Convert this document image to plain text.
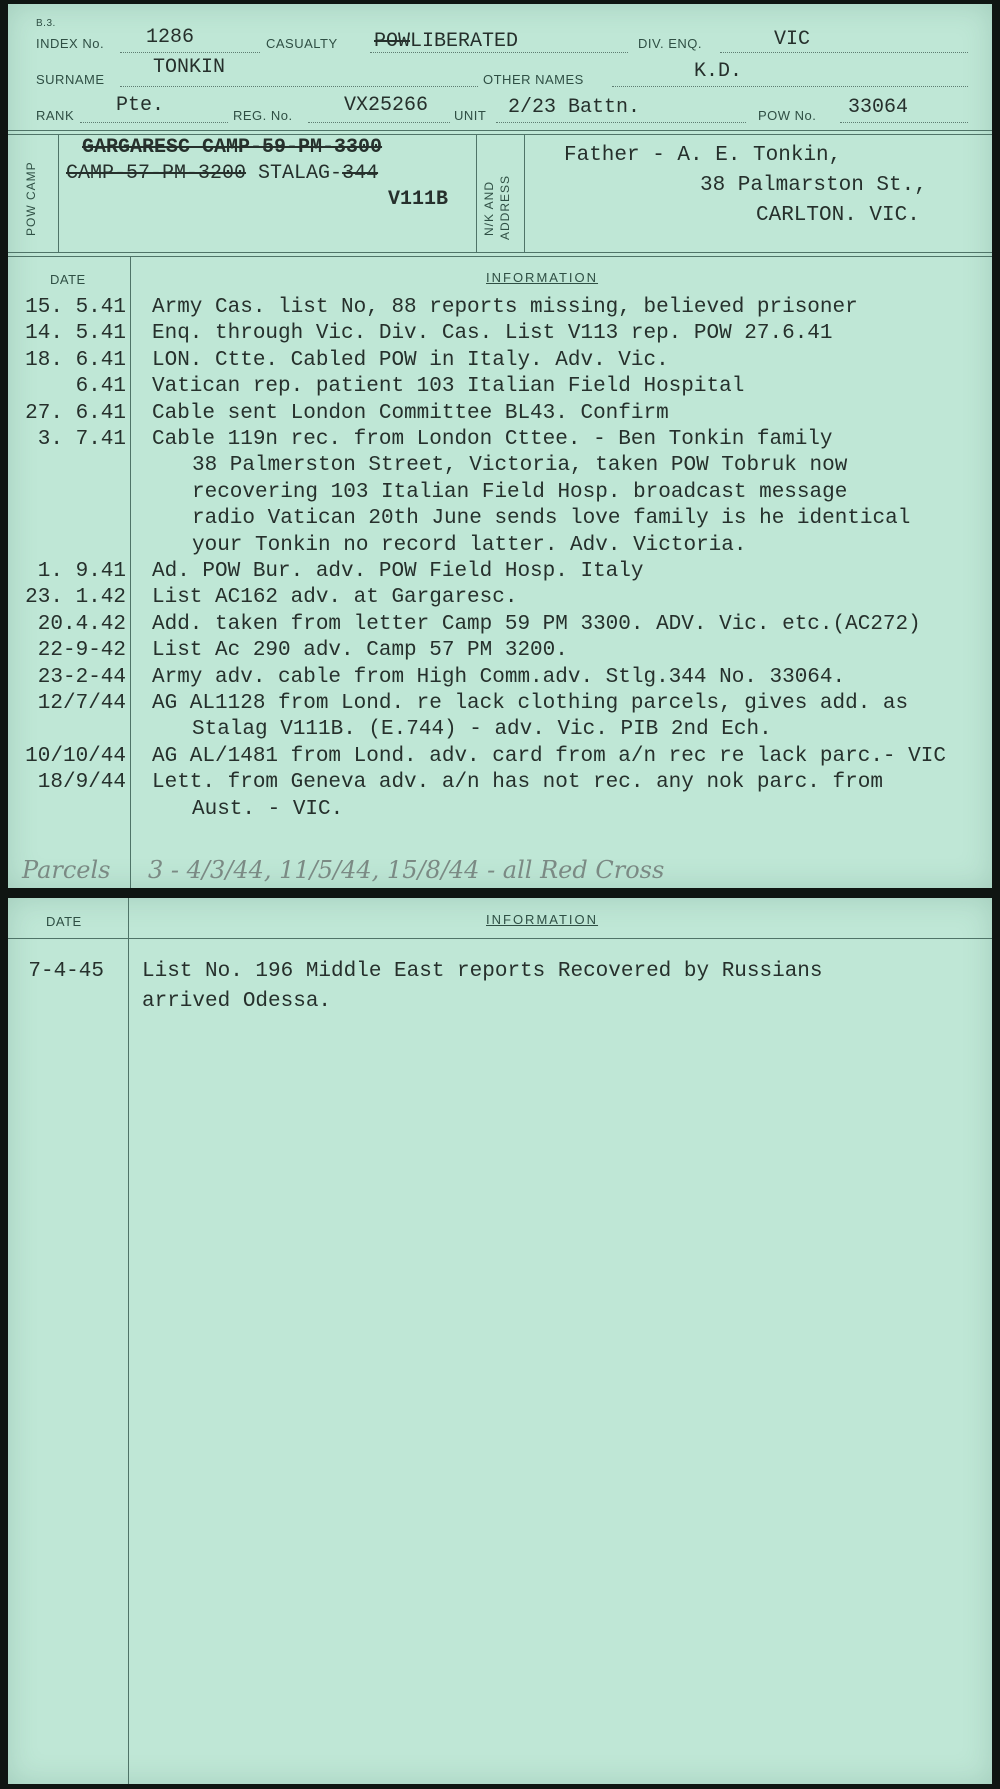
B.3.
INDEX No. 1286	CASUALTY POWLIBERATED	DIV. ENQ.	VIC
SURNAME
TONKIN
OTHER NAMES	K.D.
RANK Pte.	REG. No.	VX25266 UNIT 2/23 Battn.	POW No. 33064
POW CAMP
GARGARESC CAMP-59-PM-3300
CAMP-57-PM-3200 STALAG-344
V111B	N/K AND ADDRESS
Father - A. E. Tonkin,
38 Palmarston St.,
CARLTON. VIC.
DATE	INFORMATION
15. 5.41 Army Cas. list No, 88 reports missing, believed prisoner
14. 5.41 Enq. through Vic. Div. Cas. List V113 rep. POW 27.6.41
18. 6.41 LON. Ctte. Cabled POW in Italy. Adv. Vic.
6.41 Vatican rep. patient 103 Italian Field Hospital
27. 6.41 Cable sent London Committee BL43. Confirm
3. 7.41 Cable 119n rec. from London Cttee. - Ben Tonkin family
38 Palmerston Street, Victoria, taken POW Tobruk now
recovering 103 Italian Field Hosp. broadcast message
radio Vatican 20th June sends love family is he identical
your Tonkin no record latter. Adv. Victoria.
1. 9.41 Ad. POW Bur. adv. POW Field Hosp. Italy
23. 1.42 List AC162 adv. at Gargaresc.
20.4.42 Add. taken from letter Camp 59 PM 3300. ADV. Vic. etc.(AC272)
22-9-42 List Ac 290 adv. Camp 57 PM 3200.
23-2-44 Army adv. cable from High Comm.adv. Stlg.344 No. 33064.
12/7/44 AG AL1128 from Lond. re lack clothing parcels, gives add. as
Stalag V111B. (E.744) - adv. Vic. PIB 2nd Ech.
10/10/44 AG AL/1481 from Lond. adv. card from a/n rec re lack parc.- VIC
18/9/44 Lett. from Geneva adv. a/n has not rec. any nok parc. from
Aust. - VIC.
Parcels 3 - 4/3/44, 11/5/44, 15/8/44 - all Red Cross
DATE	INFORMATION
7-4-45 List No. 196 Middle East reports Recovered by Russians
arrived Odessa.
